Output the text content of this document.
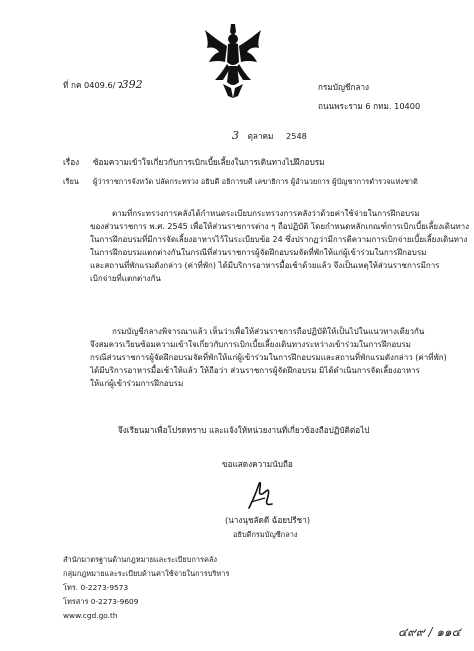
ที่ กค 0409.6/ว392	กรมบัญชีกลาง
ถนนพระราม 6 กทม. 10400
3 ตุลาคม 2548
เรื่อง ซ้อมความเข้าใจเกี่ยวกับการเบิกเบี้ยเลี้ยงในการเดินทางไปฝึกอบรม
เรียน ผู้ว่าราชการจังหวัด ปลัดกระทรวง อธิบดี อธิการบดี เลขาธิการ ผู้อำนวยการ ผู้บัญชาการตำรวจแห่งชาติ

ตามที่กระทรวงการคลังได้กำหนดระเบียบกระทรวงการคลังว่าด้วยค่าใช้จ่ายในการฝึกอบรม

ของส่วนราชการ พ.ศ. 2545 เพื่อให้ส่วนราชการต่าง ๆ ถือปฏิบัติ โดยกำหนดหลักเกณฑ์การเบิกเบี้ยเลี้ยงเดินทาง

ในการฝึกอบรมที่มีการจัดเลี้ยงอาหารไว้ในระเบียบข้อ 24 ซึ่งปรากฏว่ามีการตีความการเบิกจ่ายเบี้ยเลี้ยงเดินทาง

ในการฝึกอบรมแตกต่างกันในกรณีที่ส่วนราชการผู้จัดฝึกอบรมจัดที่พักให้แก่ผู้เข้าร่วมในการฝึกอบรม

และสถานที่พักแรมดังกล่าว (ค่าที่พัก) ได้มีบริการอาหารมื้อเช้าด้วยแล้ว จึงเป็นเหตุให้ส่วนราชการมีการ

เบิกจ่ายที่แตกต่างกัน

กรมบัญชีกลางพิจารณาแล้ว เห็นว่าเพื่อให้ส่วนราชการถือปฏิบัติให้เป็นไปในแนวทางเดียวกัน

จึงสมควรเวียนซ้อมความเข้าใจเกี่ยวกับการเบิกเบี้ยเลี้ยงเดินทางระหว่างเข้าร่วมในการฝึกอบรม

กรณีส่วนราชการผู้จัดฝึกอบรมจัดที่พักให้แก่ผู้เข้าร่วมในการฝึกอบรมและสถานที่พักแรมดังกล่าว (ค่าที่พัก)

ได้มีบริการอาหารมื้อเช้าให้แล้ว ให้ถือว่า ส่วนราชการผู้จัดฝึกอบรม มิได้ดำเนินการจัดเลี้ยงอาหาร

ให้แก่ผู้เข้าร่วมการฝึกอบรม

จึงเรียนมาเพื่อโปรดทราบ และแจ้งให้หน่วยงานที่เกี่ยวข้องถือปฏิบัติต่อไป
ขอแสดงความนับถือ
(นางนุชลัดดี ฉ้อยปรีชา)
อธิบดีกรมบัญชีกลาง
สำนักมาตรฐานด้านกฎหมายและระเบียบการคลัง
กลุ่มกฎหมายและระเบียบด้านค่าใช้จ่ายในการบริหาร
โทร. 0-2273-9573
โทรสาร 0-2273-9609
www.cgd.go.th
๔๙๙ / ๑๑๔
